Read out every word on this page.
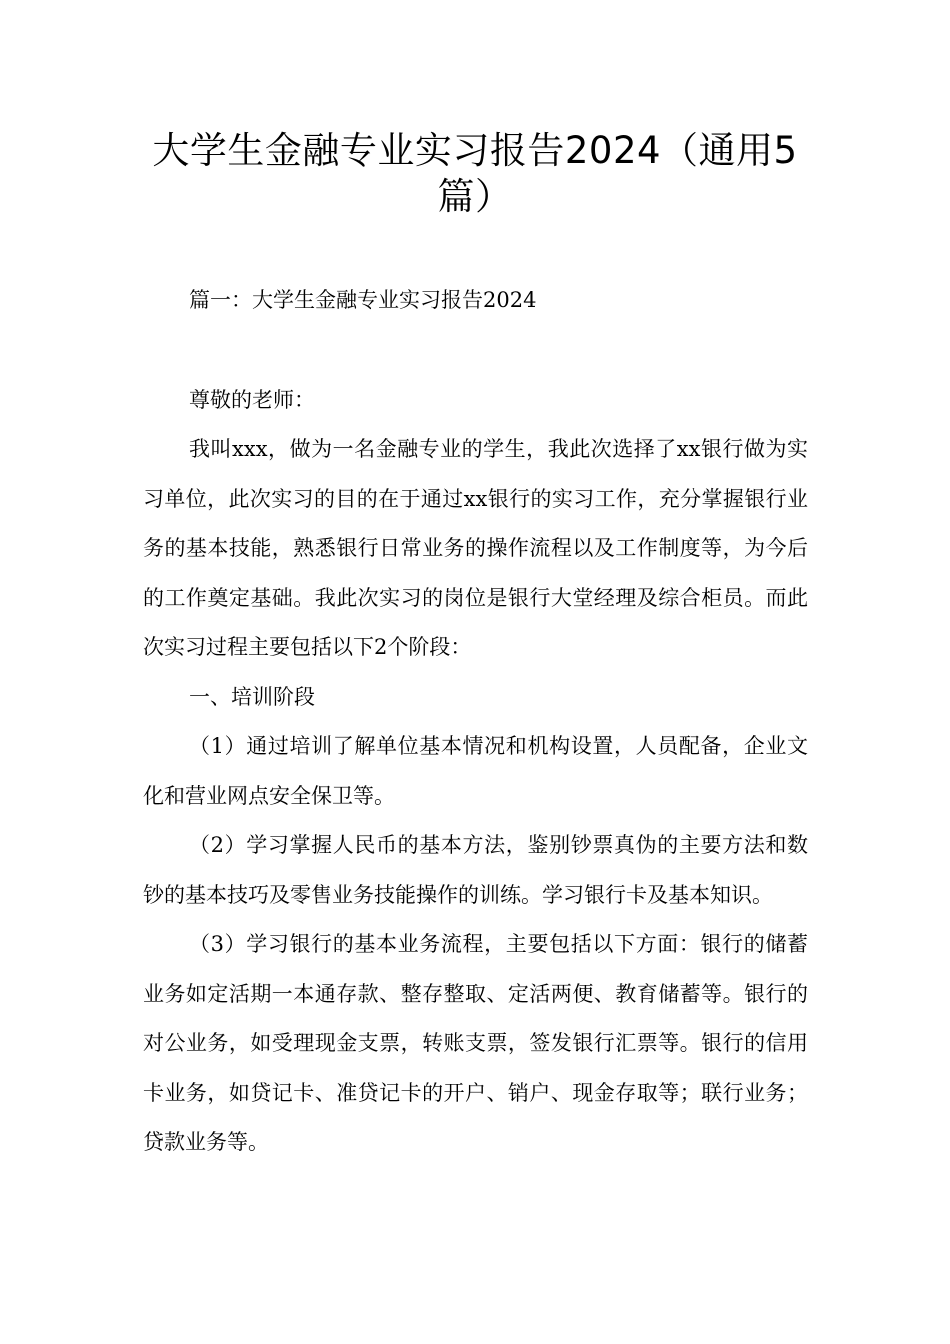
大学生金融专业实习报告2024（通用5篇）

篇一：大学生金融专业实习报告2024

尊敬的老师：

我叫xxx，做为一名金融专业的学生，我此次选择了xx银行做为实习单位，此次实习的目的在于通过xx银行的实习工作，充分掌握银行业务的基本技能，熟悉银行日常业务的操作流程以及工作制度等，为今后的工作奠定基础。我此次实习的岗位是银行大堂经理及综合柜员。而此次实习过程主要包括以下2个阶段：

一、培训阶段

（1）通过培训了解单位基本情况和机构设置，人员配备，企业文化和营业网点安全保卫等。

（2）学习掌握人民币的基本方法，鉴别钞票真伪的主要方法和数钞的基本技巧及零售业务技能操作的训练。学习银行卡及基本知识。

（3）学习银行的基本业务流程，主要包括以下方面：银行的储蓄业务如定活期一本通存款、整存整取、定活两便、教育储蓄等。银行的对公业务，如受理现金支票，转账支票，签发银行汇票等。银行的信用卡业务，如贷记卡、准贷记卡的开户、销户、现金存取等；联行业务；贷款业务等。
